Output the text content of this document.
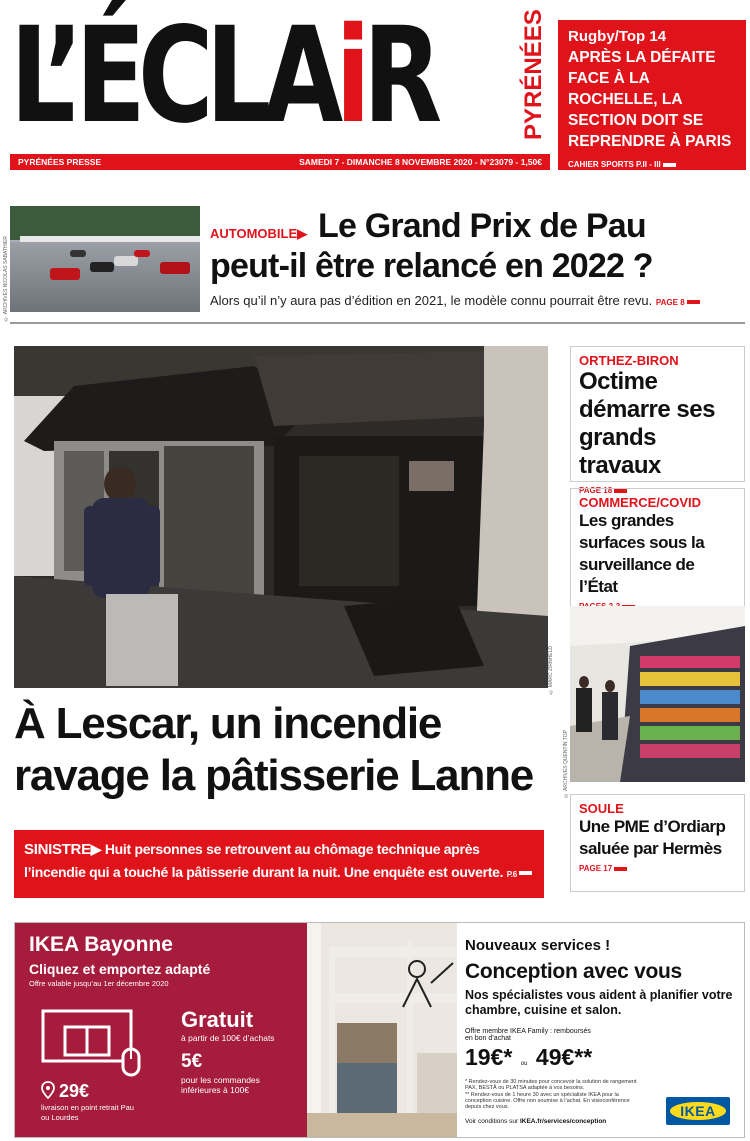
L’ÉCLAiR	PYRÉNÉES Rugby/Top 14
APRÈS LA DÉFAITE FACE À LA ROCHELLE, LA SECTION DOIT SE REPRENDRE À PARIS
CAHIER SPORTS P.II - III
PYRÉNÉES PRESSE	SAMEDI 7 - DIMANCHE 8 NOVEMBRE 2020 - N°23079 - 1,50€
© ARCHIVES NICOLAS SABATHIER
AUTOMOBILE▶ Le Grand Prix de Pau
peut-il être relancé en 2022 ?
Alors qu’il n’y aura pas d’édition en 2021, le modèle connu pourrait être revu. PAGE 8
© MARC ZIRNHELD
À Lescar, un incendie
ravage la pâtisserie Lanne
SINISTRE▶ Huit personnes se retrouvent au chômage technique après l’incendie qui a touché la pâtisserie durant la nuit. Une enquête est ouverte. P.6
ORTHEZ-BIRON
Octime démarre ses grands travaux
PAGE 18
COMMERCE/COVID
Les grandes surfaces sous la surveillance de l’État
© ARCHIVES QUENTIN TOP
SOULE
Une PME d’Ordiarp saluée par Hermès
PAGE 17
IKEA Bayonne
Cliquez et emportez adapté
Offre valable jusqu’au 1er décembre 2020
Gratuit
à partir de 100€ d’achats
5€
pour les commandes inférieures à 100€
29€
livraison en point retrait Pau ou Lourdes
Nouveaux services !
Conception avec vous
Nos spécialistes vous aident à planifier votre chambre, cuisine et salon.
Offre membre IKEA Family : remboursés en bon d’achat
19€* ou 49€**
* Rendez-vous de 30 minutes pour concevoir la solution de rangement PAX, BESTÅ ou PLATSA adaptée à vos besoins.
** Rendez-vous de 1 heure 30 avec un spécialiste IKEA pour la conception cuisine. Offre non soumise à l’achat. En visioconférence depuis chez vous.
Voir conditions sur IKEA.fr/services/conception
IKEA
